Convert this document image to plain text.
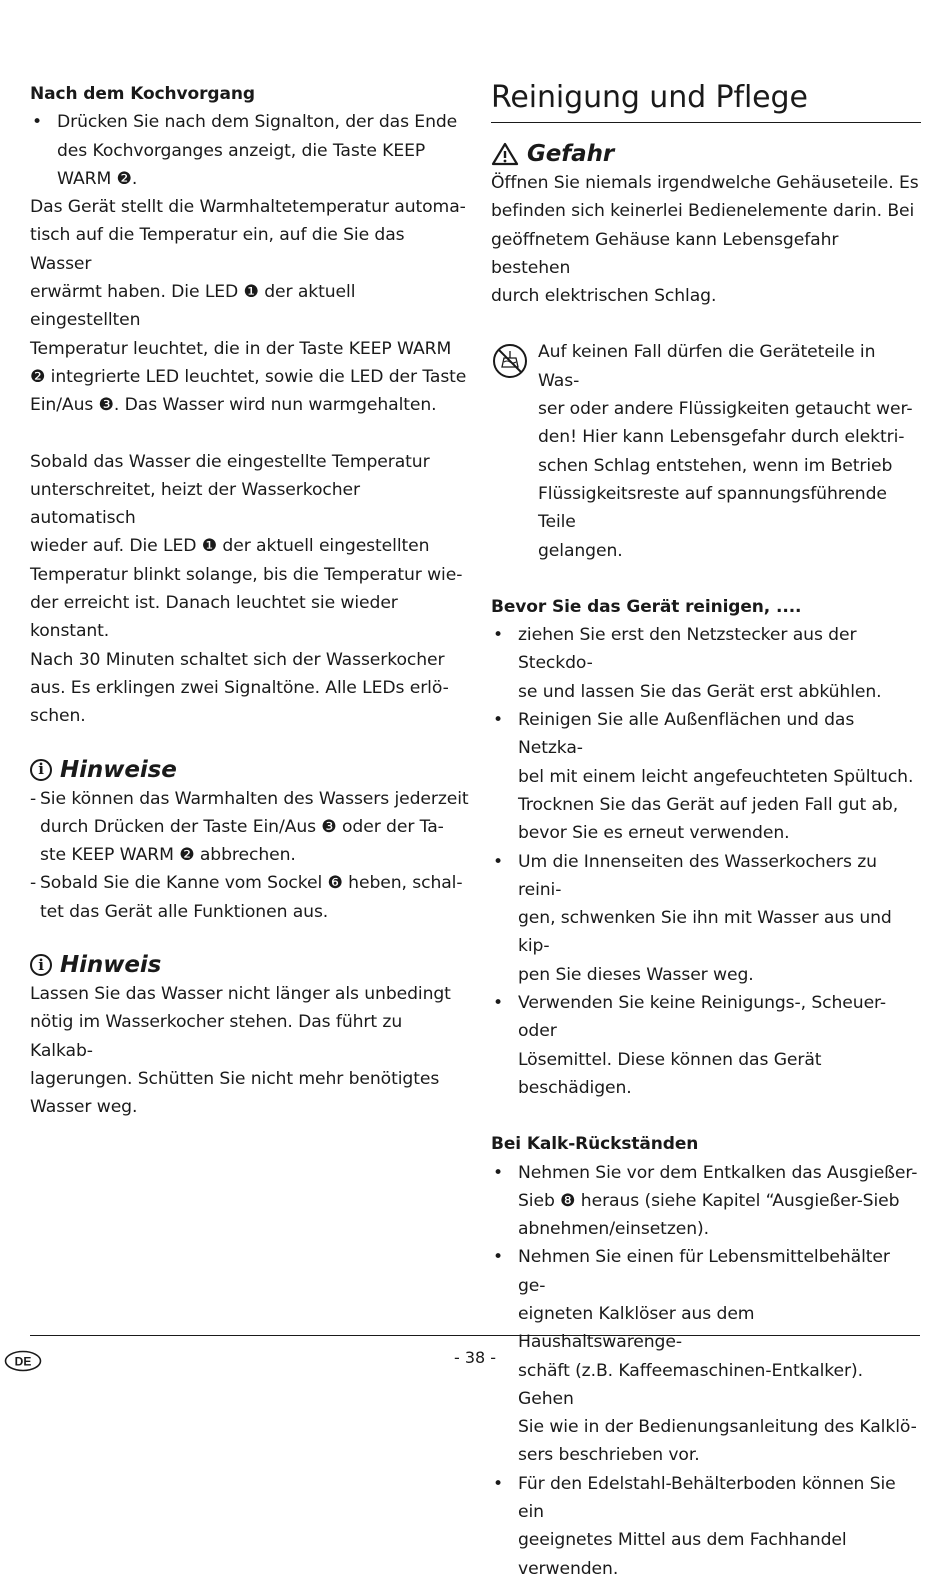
Nach dem Kochvorgang

• Drücken Sie nach dem Signalton, der das Ende
des Kochvorganges anzeigt, die Taste KEEP
WARM ❷.
Das Gerät stellt die Warmhaltetemperatur automa-
tisch auf die Temperatur ein, auf die Sie das Wasser
erwärmt haben. Die LED ❶ der aktuell eingestellten
Temperatur leuchtet, die in der Taste KEEP WARM
❷ integrierte LED leuchtet, sowie die LED der Taste
Ein/Aus ❸. Das Wasser wird nun warmgehalten.
Sobald das Wasser die eingestellte Temperatur
unterschreitet, heizt der Wasserkocher automatisch
wieder auf. Die LED ❶ der aktuell eingestellten
Temperatur blinkt solange, bis die Temperatur wie-
der erreicht ist. Danach leuchtet sie wieder konstant.
Nach 30 Minuten schaltet sich der Wasserkocher
aus. Es erklingen zwei Signaltöne. Alle LEDs erlö-
schen.
i Hinweise
- Sie können das Warmhalten des Wassers jederzeit
durch Drücken der Taste Ein/Aus ❸ oder der Ta-
ste KEEP WARM ❷ abbrechen.
- Sobald Sie die Kanne vom Sockel ❻ heben, schal-
tet das Gerät alle Funktionen aus.
i Hinweis
Lassen Sie das Wasser nicht länger als unbedingt
nötig im Wasserkocher stehen. Das führt zu Kalkab-
lagerungen. Schütten Sie nicht mehr benötigtes
Wasser weg.
Reinigung und Pflege
Gefahr
Öffnen Sie niemals irgendwelche Gehäuseteile. Es
befinden sich keinerlei Bedienelemente darin. Bei
geöffnetem Gehäuse kann Lebensgefahr bestehen
durch elektrischen Schlag.
Auf keinen Fall dürfen die Geräteteile in Was-
ser oder andere Flüssigkeiten getaucht wer-
den! Hier kann Lebensgefahr durch elektri-
schen Schlag entstehen, wenn im Betrieb
Flüssigkeitsreste auf spannungsführende Teile
gelangen.

Bevor Sie das Gerät reinigen, ....

• ziehen Sie erst den Netzstecker aus der Steckdo-
se und lassen Sie das Gerät erst abkühlen.
• Reinigen Sie alle Außenflächen und das Netzka-
bel mit einem leicht angefeuchteten Spültuch.
Trocknen Sie das Gerät auf jeden Fall gut ab,
bevor Sie es erneut verwenden.
• Um die Innenseiten des Wasserkochers zu reini-
gen, schwenken Sie ihn mit Wasser aus und kip-
pen Sie dieses Wasser weg.
• Verwenden Sie keine Reinigungs-, Scheuer- oder
Lösemittel. Diese können das Gerät
beschädigen.

Bei Kalk-Rückständen

• Nehmen Sie vor dem Entkalken das Ausgießer-
Sieb ❽ heraus (siehe Kapitel “Ausgießer-Sieb
abnehmen/einsetzen).
• Nehmen Sie einen für Lebensmittelbehälter ge-
eigneten Kalklöser aus dem Haushaltswarenge-
schäft (z.B. Kaffeemaschinen-Entkalker). Gehen
Sie wie in der Bedienungsanleitung des Kalklö-
sers beschrieben vor.
• Für den Edelstahl-Behälterboden können Sie ein
geeignetes Mittel aus dem Fachhandel
verwenden.
DE	- 38 -
